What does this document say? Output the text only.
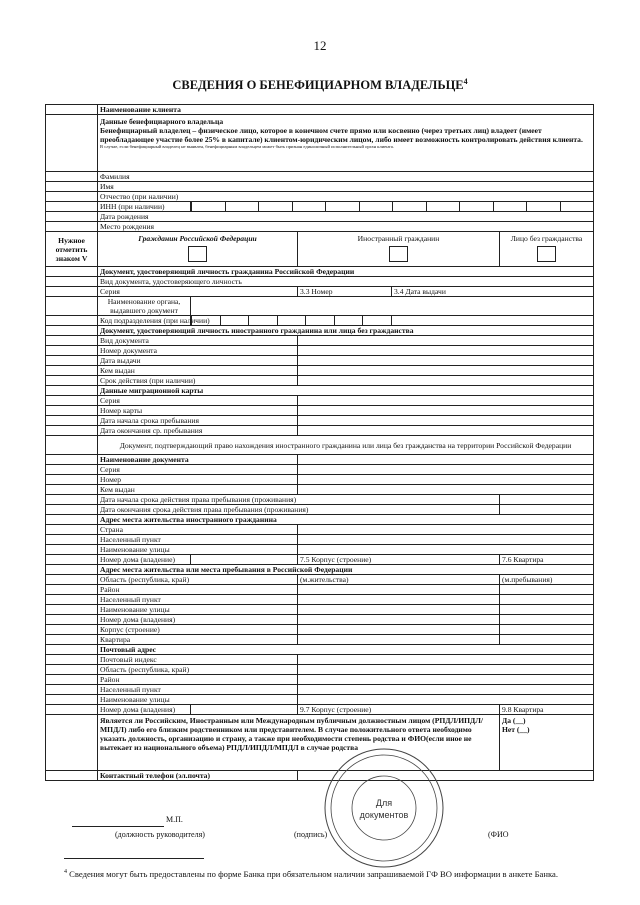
12
СВЕДЕНИЯ О БЕНЕФИЦИАРНОМ ВЛАДЕЛЬЦЕ$^4$
	Наименование клиента				

	Данные бенефициарного владельца
Бенефициарный владелец – физическое лицо, которое в конечном счете прямо или косвенно (через третьих лиц) владеет (имеет преобладающее участие более 25% в капитале) клиентом-юридическим лицом, либо имеет возможность контролировать действия клиента.
В случае, если бенефициарный владелец не выявлен, бенефициарным владельцем может быть признан единоличный исполнительный орган клиента.				

	Фамилия				
	Имя				
	Отчество (при наличии)				
	ИНН (при наличии)				

	Дата рождения				
	Место рождения				
Нужное отметить знаком V	Гражданин Российской Федерации		Иностранный гражданин		Лицо без гражданства

	Документ, удостоверяющий личность гражданина Российской Федерации				
	Вид документа, удостоверяющего личность				
	Серия		3.3 Номер	3.4 Дата выдачи	
	Наименование органа, выдавшего документ				
	Код подразделения (при наличии)			

	Документ, удостоверяющий личность иностранного гражданина или лица без гражданства				
	Вид документа				
	Номер документа				
	Дата выдачи				
	Кем выдан				
	Срок действия (при наличии)				
	Данные миграционной карты				
	Серия				
	Номер карты				
	Дата начала срока пребывания				
	Дата окончания ср. пребывания				
	Документ, подтверждающий право нахождения иностранного гражданина или лица без гражданства на территории Российской Федерации				
	Наименование документа				
	Серия				
	Номер				
	Кем выдан				
	Дата начала срока действия права пребывания (проживания)				
	Дата окончания срока действия права пребывания (проживания)				
	Адрес места жительства иностранного гражданина				
	Страна				
	Населенный пункт				
	Наименование улицы				
	Номер дома (владение)		7.5 Корпус (строение)		7.6 Квартира
	Адрес места жительства или места пребывания в Российской Федерации				
	Область (республика, край)		(м.жительства)		(м.пребывания)
	Район				
	Населенный пункт				
	Наименование улицы				
	Номер дома (владения)				
	Корпус (строение)				
	Квартира				
	Почтовый адрес				
	Почтовый индекс				
	Область (республика, край)				
	Район				
	Населенный пункт				
	Наименование улицы				
	Номер дома (владения)		9.7 Корпус (строение)		9.8 Квартира
	Является ли Российским, Иностранным или Международным публичным должностным лицом (РПДЛ/ИПДЛ/МПДЛ) либо его близким родственником или представителем. В случае положительного ответа необходимо указать должность, организацию и страну, а также при необходимости степень родства и ФИО(если иное не вытекает из национального объема) РПДЛ/ИПДЛ/МПДЛ в случае родства				Да (__)
Нет (__)

	Контактный телефон (эл.почта)				
М.П.
(должность руководителя)	(подпись)	(ФИО
Для
документов
$^4$ Сведения могут быть предоставлены по форме Банка при обязательном наличии запрашиваемой ГФ ВО информации в анкете Банка.
